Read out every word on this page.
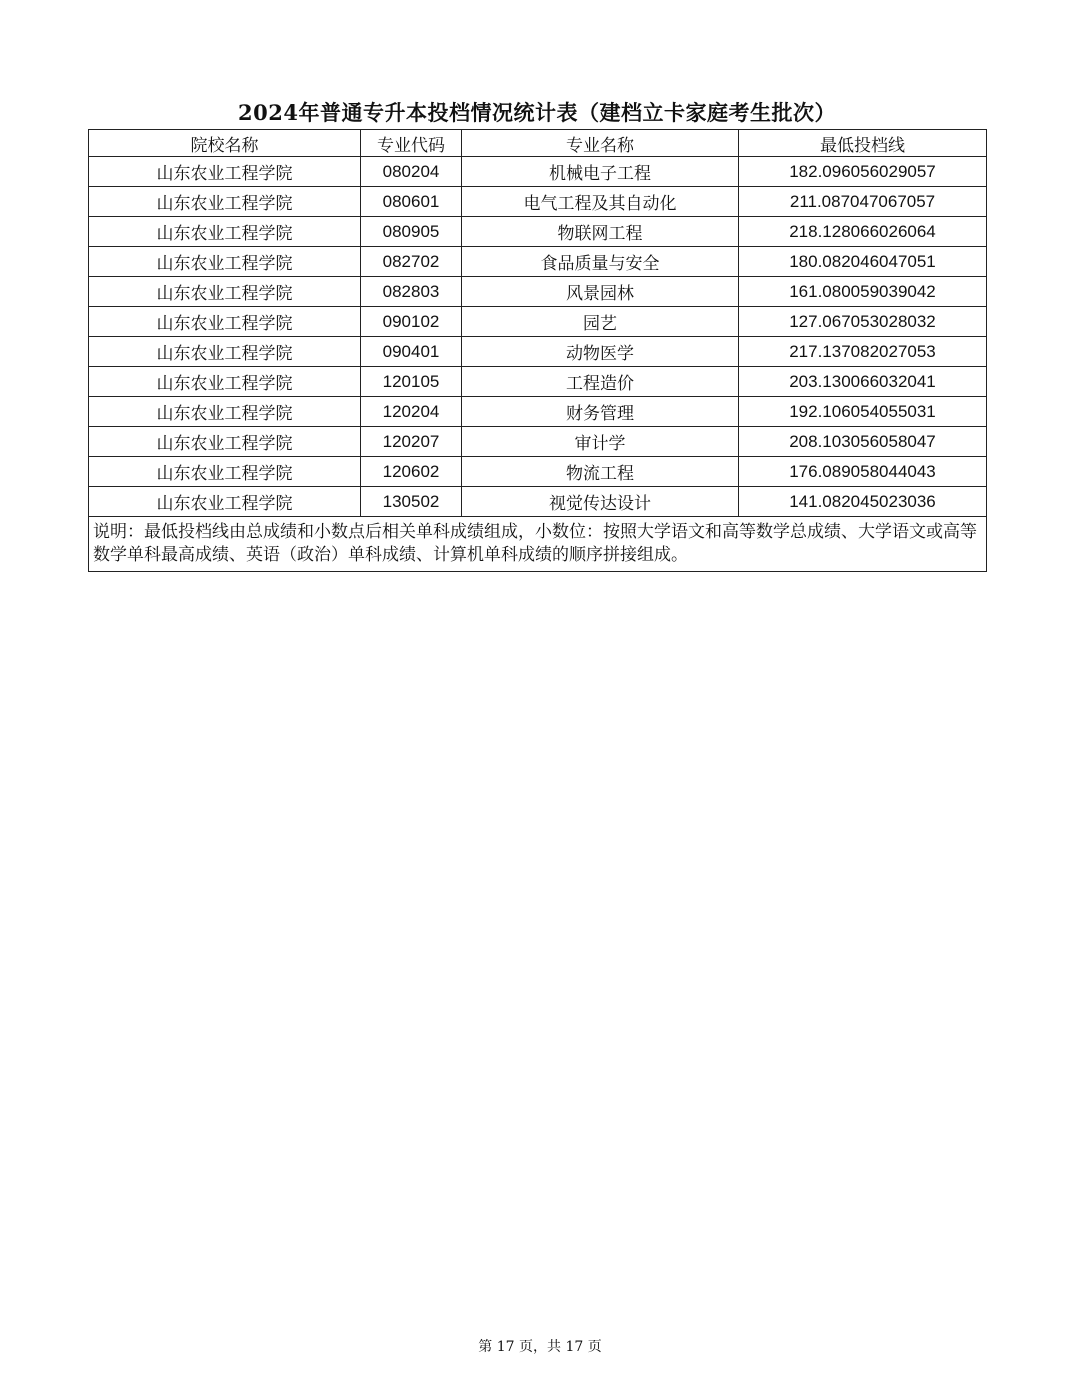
2024年普通专升本投档情况统计表（建档立卡家庭考生批次）
院校名称	专业代码	专业名称	最低投档线
山东农业工程学院	080204	机械电子工程	182.096056029057
山东农业工程学院	080601	电气工程及其自动化	211.087047067057
山东农业工程学院	080905	物联网工程	218.128066026064
山东农业工程学院	082702	食品质量与安全	180.082046047051
山东农业工程学院	082803	风景园林	161.080059039042
山东农业工程学院	090102	园艺	127.067053028032
山东农业工程学院	090401	动物医学	217.137082027053
山东农业工程学院	120105	工程造价	203.130066032041
山东农业工程学院	120204	财务管理	192.106054055031
山东农业工程学院	120207	审计学	208.103056058047
山东农业工程学院	120602	物流工程	176.089058044043
山东农业工程学院	130502	视觉传达设计	141.082045023036
说明：最低投档线由总成绩和小数点后相关单科成绩组成，小数位：按照大学语文和高等数学总成绩、大学语文或高等数学单科最高成绩、英语（政治）单科成绩、计算机单科成绩的顺序拼接组成。			
第 17 页，共 17 页
